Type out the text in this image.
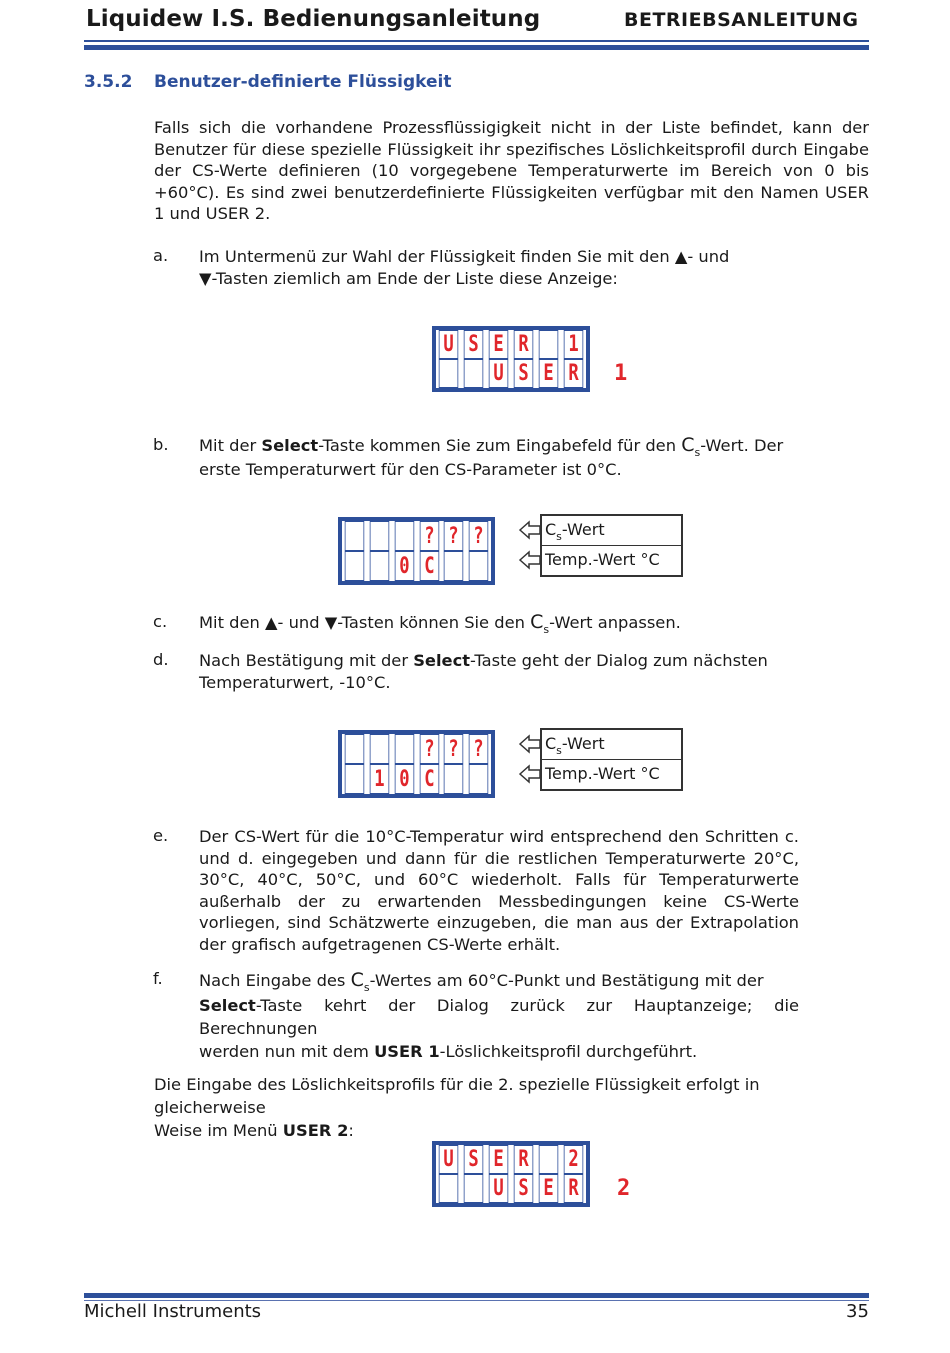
Liquidew I.S. Bedienungsanleitung	BETRIEBSANLEITUNG
3.5.2 Benutzer-definierte Flüssigkeit
Falls sich die vorhandene Prozessflüssigigkeit nicht in der Liste befindet, kann der Benutzer für diese spezielle Flüssigkeit ihr spezifisches Löslichkeitsprofil durch Eingabe der CS-Werte definieren (10 vorgegebene Temperaturwerte im Bereich von 0 bis +60°C). Es sind zwei benutzerdefinierte Flüssigkeiten verfügbar mit den Namen USER 1 und USER 2.
a. Im Untermenü zur Wahl der Flüssigkeit finden Sie mit den ▲- und
▼-Tasten ziemlich am Ende der Liste diese Anzeige:
U S E R 1
U S E R 1
b. Mit der Select-Taste kommen Sie zum Eingabefeld für den $C_s$-Wert. Der
erste Temperaturwert für den CS-Parameter ist 0°C.
? ? ?
0 C
$C_s$-Wert
Temp.-Wert °C
c. Mit den ▲- und ▼-Tasten können Sie den $C_s$-Wert anpassen.
d. Nach Bestätigung mit der Select-Taste geht der Dialog zum nächsten
Temperaturwert, -10°C.
? ? ?
1 0 C
$C_s$-Wert
Temp.-Wert °C
e. Der CS-Wert für die 10°C-Temperatur wird entsprechend den Schritten c. und d. eingegeben und dann für die restlichen Temperaturwerte 20°C, 30°C, 40°C, 50°C, und 60°C wiederholt. Falls für Temperaturwerte außerhalb der zu erwartenden Messbedingungen keine CS-Werte vorliegen, sind Schätzwerte einzugeben, die man aus der Extrapolation der grafisch aufgetragenen CS-Werte erhält.
f. Nach Eingabe des $C_s$-Wertes am 60°C-Punkt und Bestätigung mit der
Select-Taste kehrt der Dialog zurück zur Hauptanzeige; die Berechnungen
werden nun mit dem USER 1-Löslichkeitsprofil durchgeführt.
Die Eingabe des Löslichkeitsprofils für die 2. spezielle Flüssigkeit erfolgt in gleicherweise
Weise im Menü USER 2:
U S E R 2
U S E R 2
Michell Instruments	35
